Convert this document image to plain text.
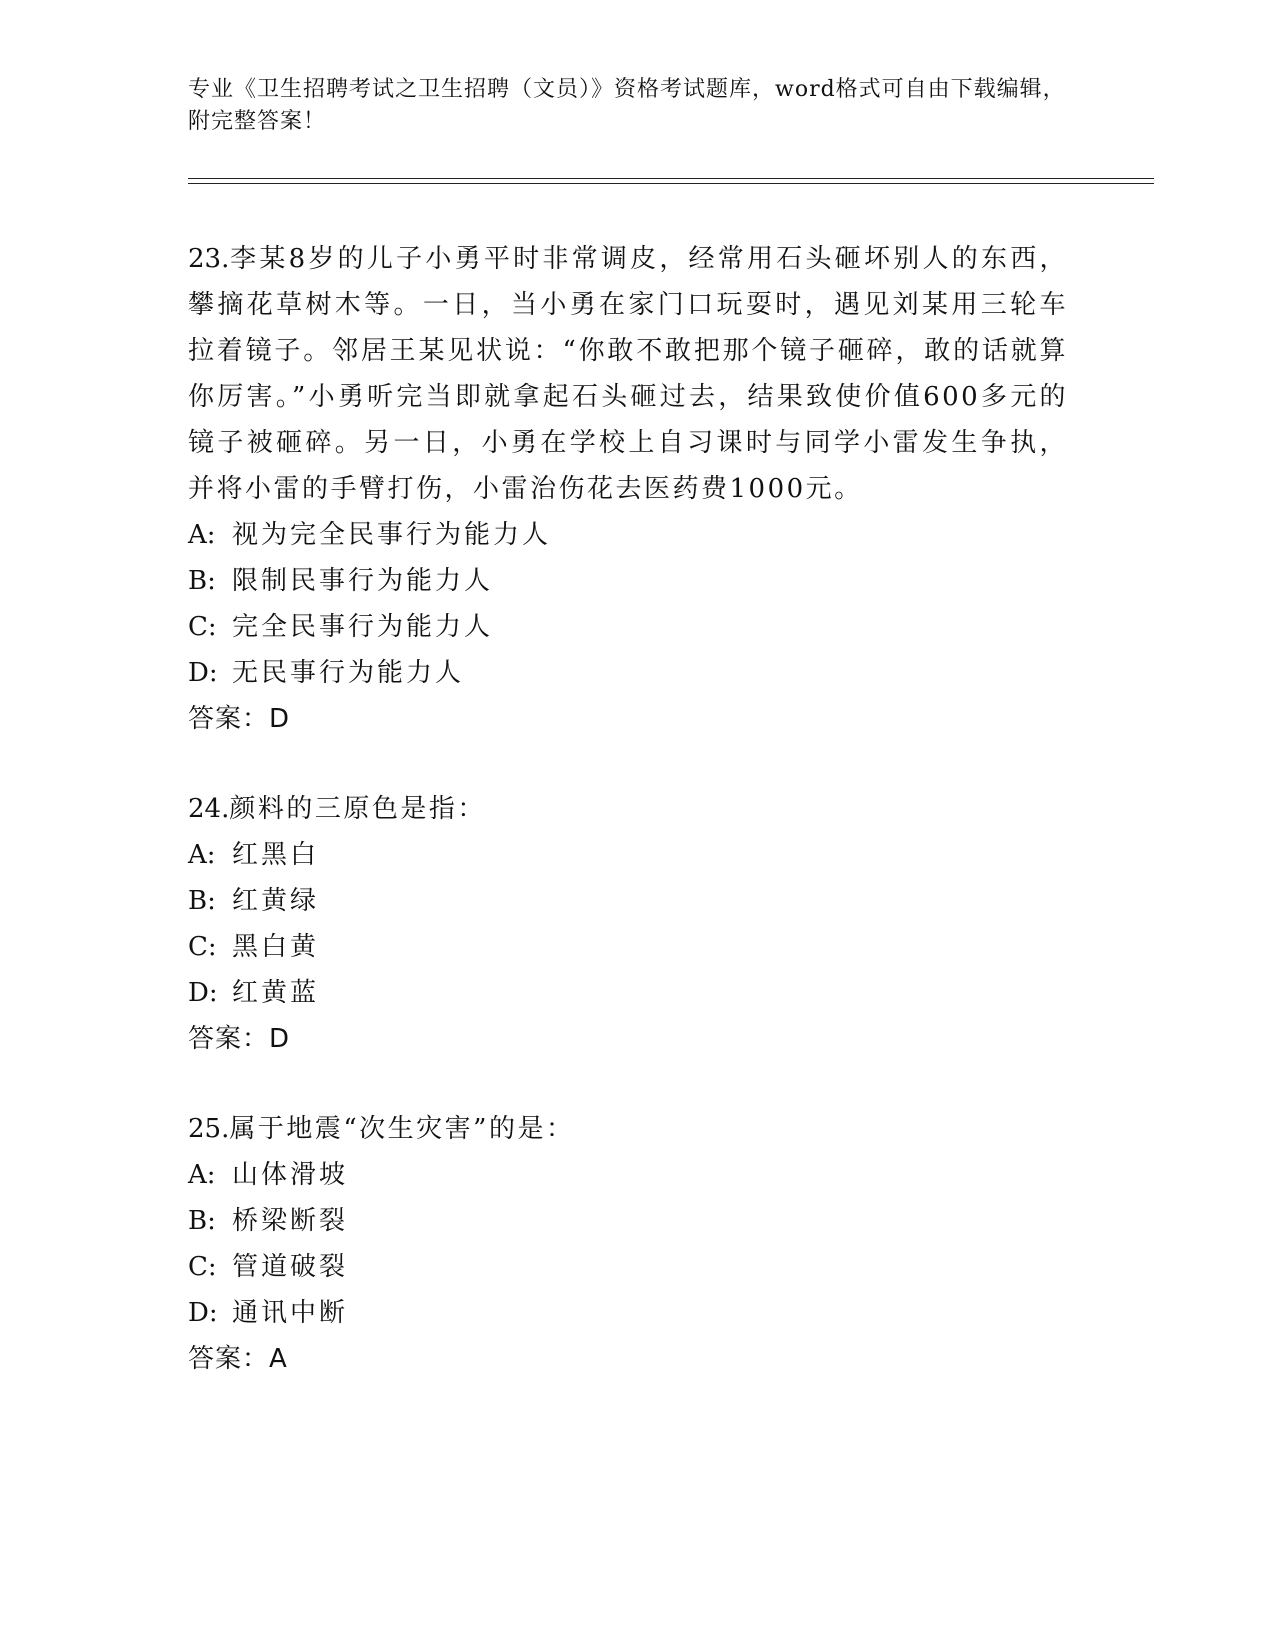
专业《卫生招聘考试之卫生招聘（文员）》资格考试题库，word格式可自由下载编辑，附完整答案！
23.李某8岁的儿子小勇平时非常调皮，经常用石头砸坏别人的东西，攀摘花草树木等。一日，当小勇在家门口玩耍时，遇见刘某用三轮车拉着镜子。邻居王某见状说：“你敢不敢把那个镜子砸碎，敢的话就算你厉害。”小勇听完当即就拿起石头砸过去，结果致使价值600多元的镜子被砸碎。另一日，小勇在学校上自习课时与同学小雷发生争执，并将小雷的手臂打伤，小雷治伤花去医药费1000元。
A: 视为完全民事行为能力人
B: 限制民事行为能力人
C: 完全民事行为能力人
D: 无民事行为能力人
答案：D
24.颜料的三原色是指：
A: 红黑白
B: 红黄绿
C: 黑白黄
D: 红黄蓝
答案：D
25.属于地震“次生灾害”的是：
A: 山体滑坡
B: 桥梁断裂
C: 管道破裂
D: 通讯中断
答案：A
